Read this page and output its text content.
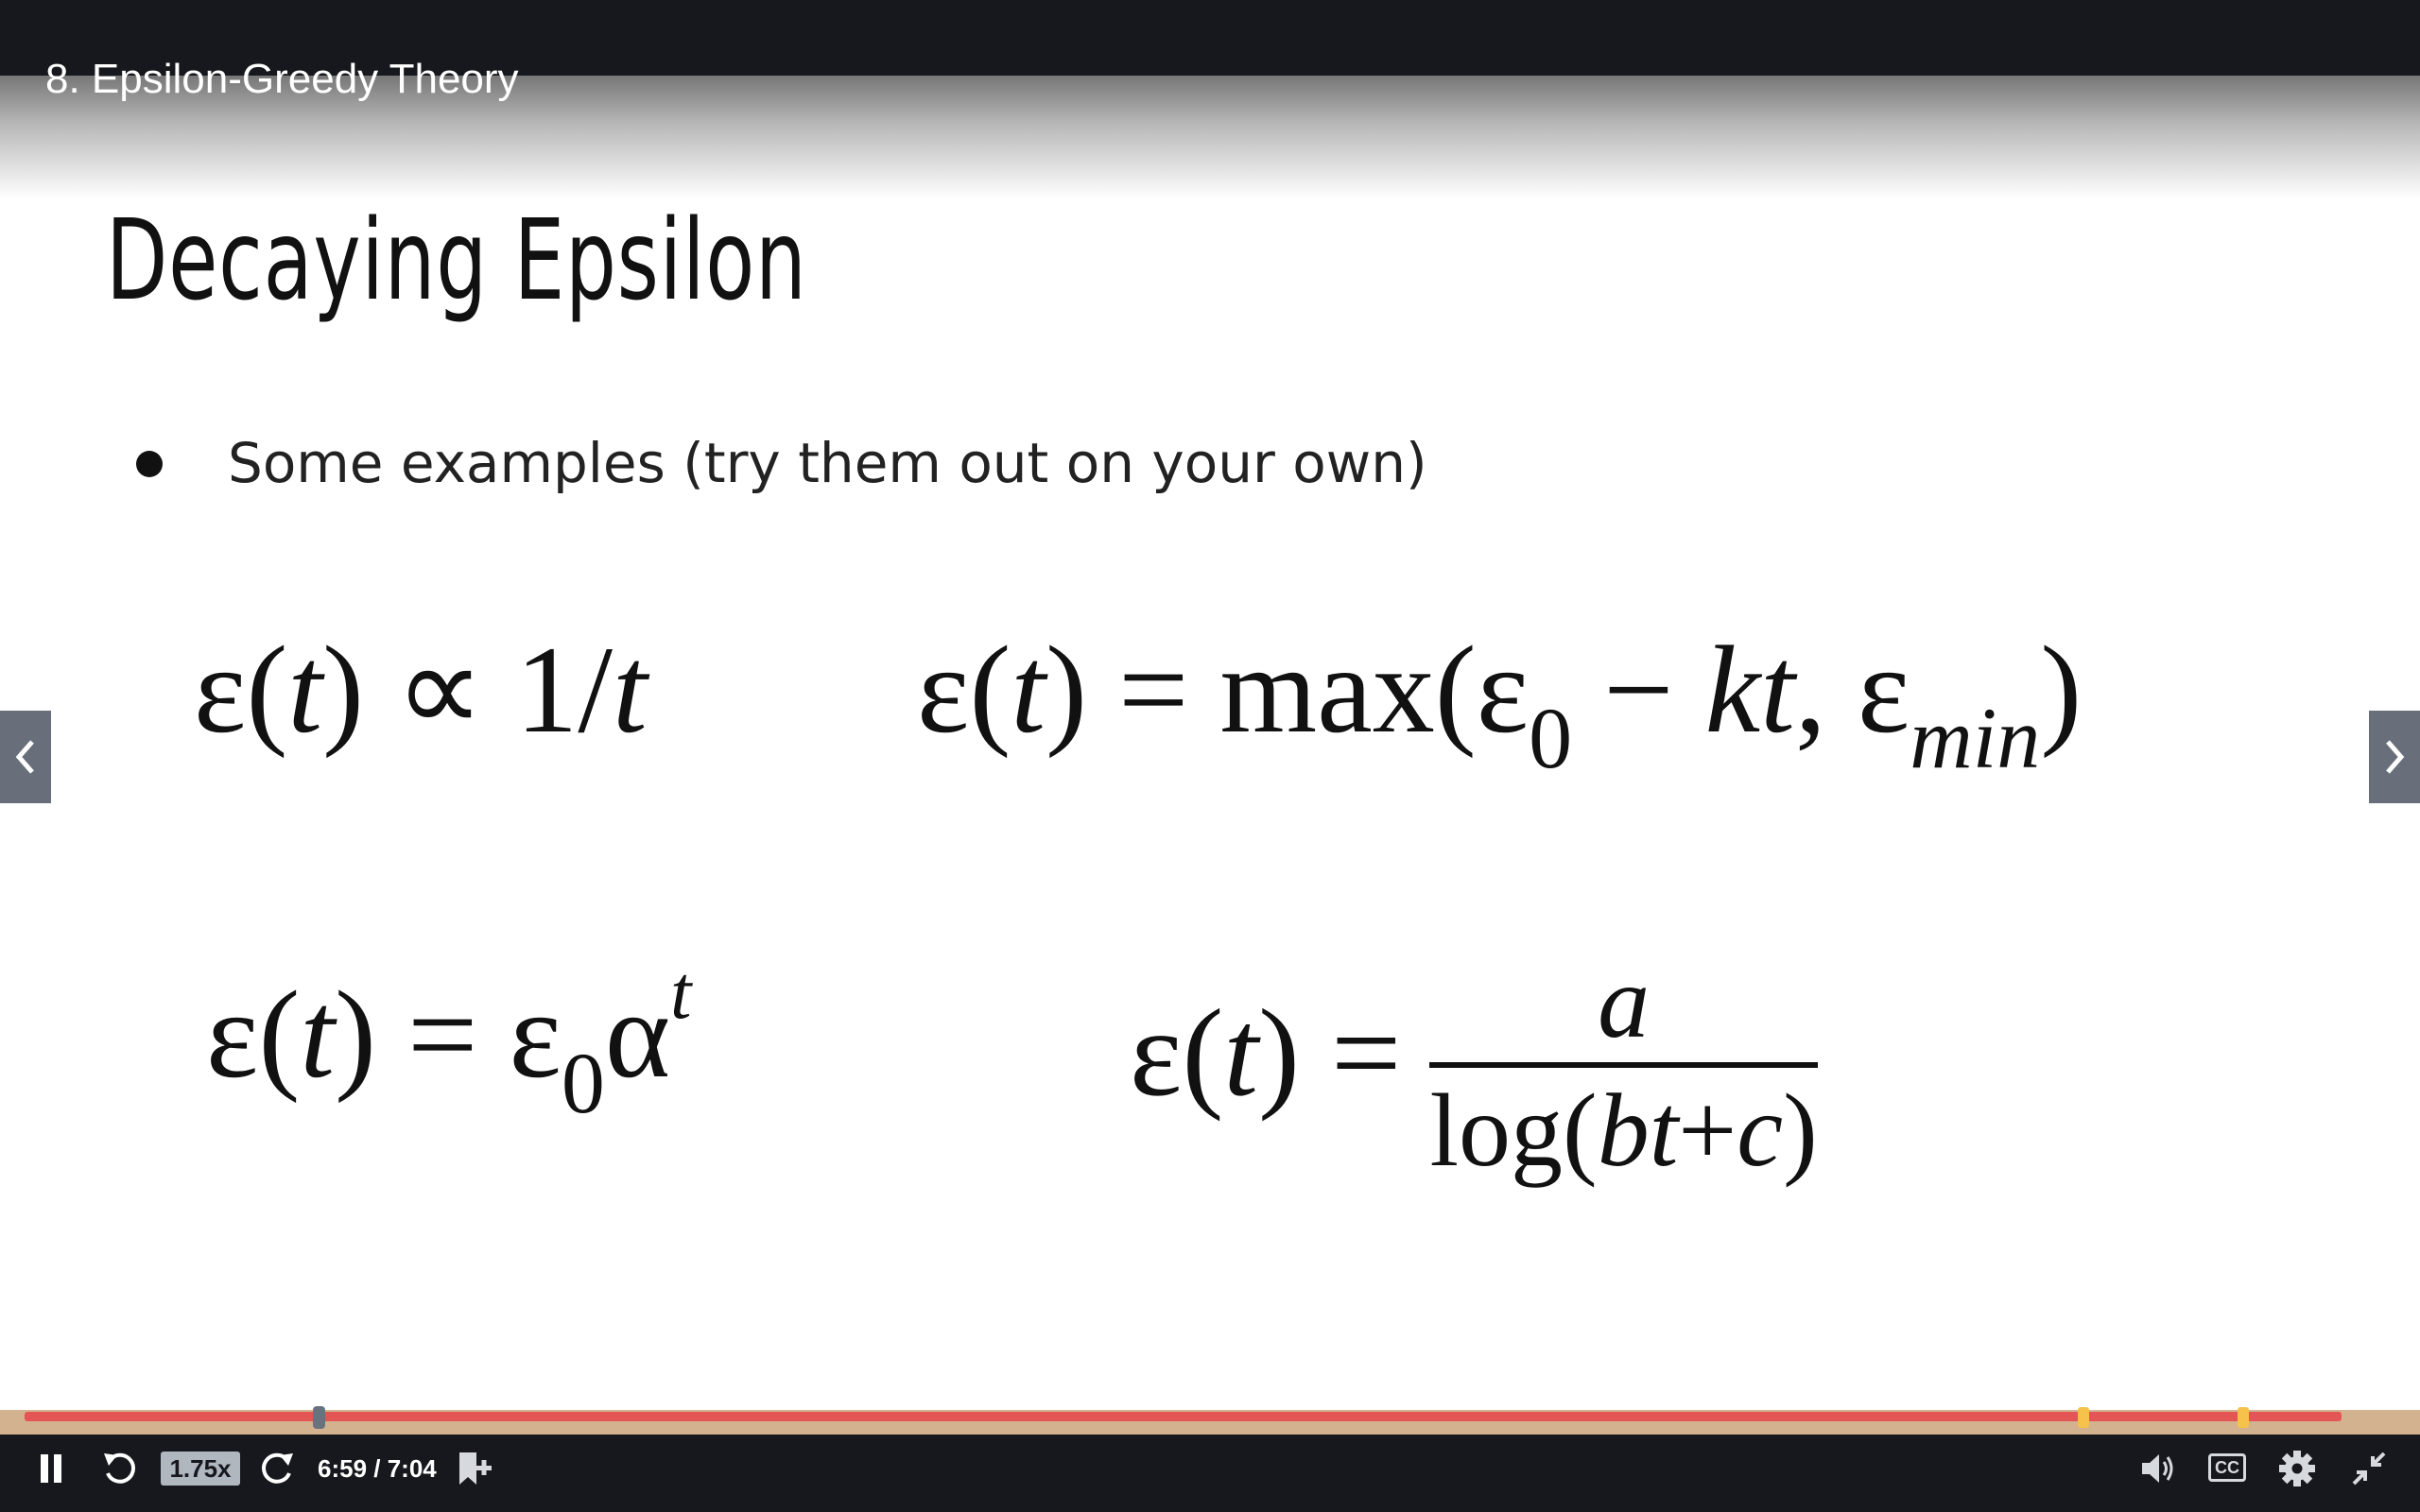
8. Epsilon-Greedy Theory
Decaying Epsilon
Some examples (try them out on your own)
ε(t) ∝ 1/t $\varepsilon(t) = \max(\varepsilon_0$ − kt, $\varepsilon_{min}$)
$\varepsilon(t) = \varepsilon_0\alpha^t$	$\varepsilon(t) = \frac{a}{\log(bt+c)}$
1.75x	6:59 / 7:04	CC
